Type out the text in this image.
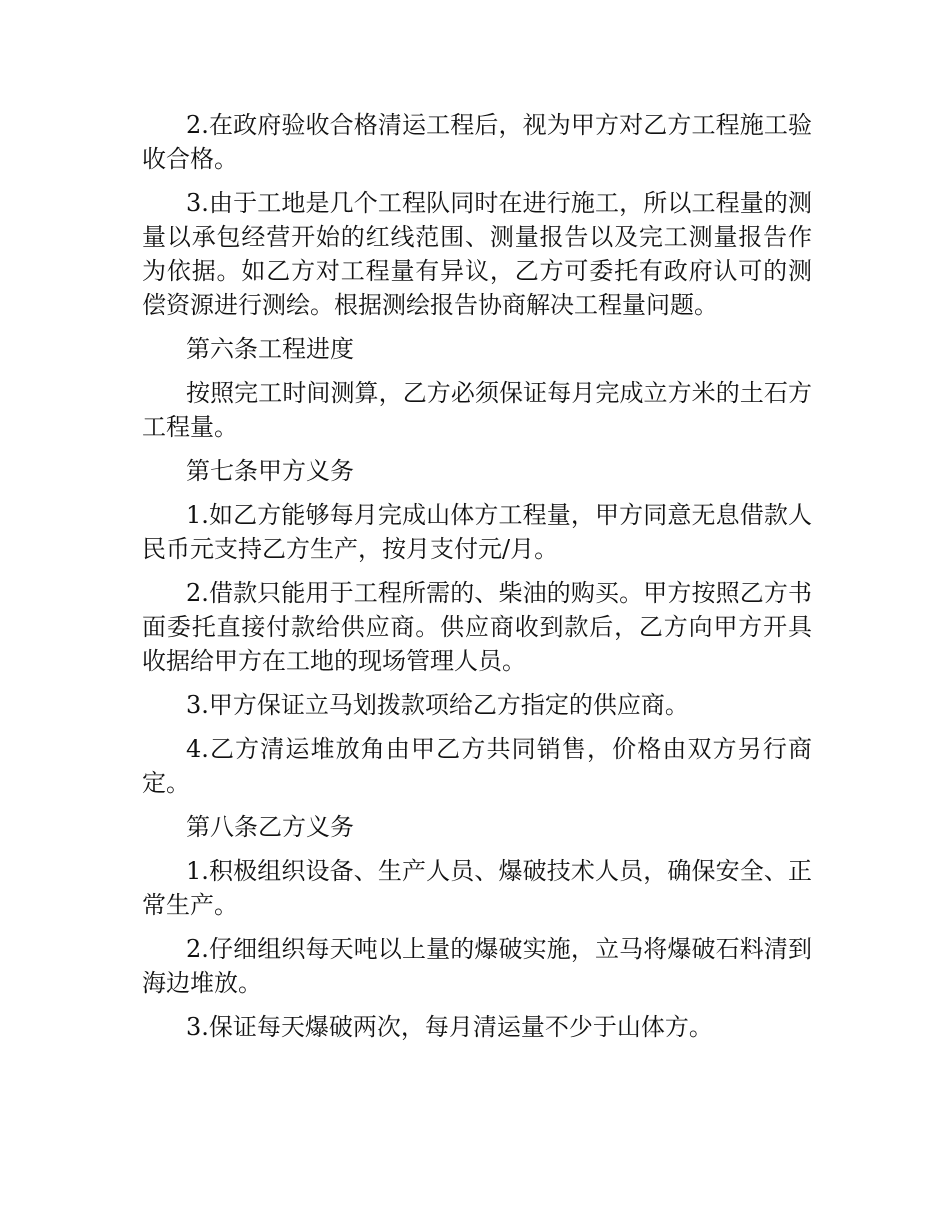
2.在政府验收合格清运工程后，视为甲方对乙方工程施工验收合格。

3.由于工地是几个工程队同时在进行施工，所以工程量的测量以承包经营开始的红线范围、测量报告以及完工测量报告作为依据。如乙方对工程量有异议，乙方可委托有政府认可的测偿资源进行测绘。根据测绘报告协商解决工程量问题。

第六条工程进度

按照完工时间测算，乙方必须保证每月完成立方米的土石方工程量。

第七条甲方义务

1.如乙方能够每月完成山体方工程量，甲方同意无息借款人民币元支持乙方生产，按月支付元/月。

2.借款只能用于工程所需的、柴油的购买。甲方按照乙方书面委托直接付款给供应商。供应商收到款后，乙方向甲方开具收据给甲方在工地的现场管理人员。

3.甲方保证立马划拨款项给乙方指定的供应商。

4.乙方清运堆放角由甲乙方共同销售，价格由双方另行商定。

第八条乙方义务

1.积极组织设备、生产人员、爆破技术人员，确保安全、正常生产。

2.仔细组织每天吨以上量的爆破实施，立马将爆破石料清到海边堆放。

3.保证每天爆破两次，每月清运量不少于山体方。
